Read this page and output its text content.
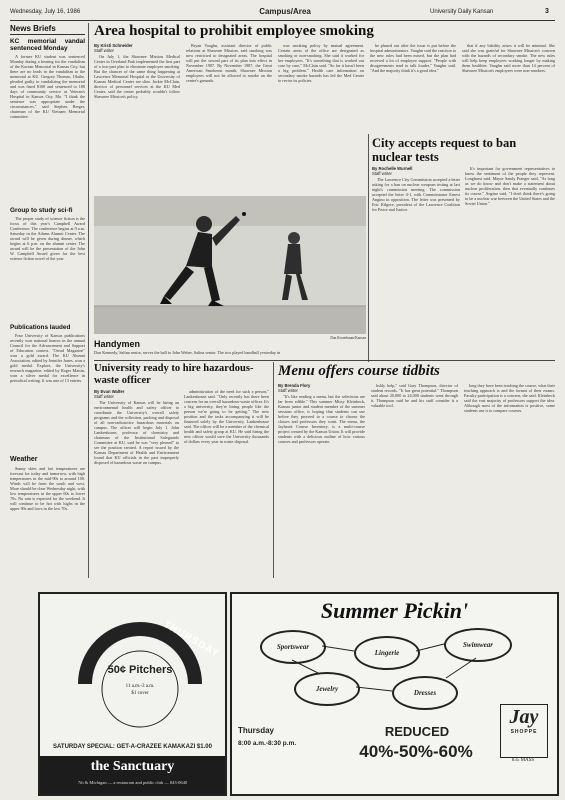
Wednesday, July 16, 1986	Campus/Area	University Daily Kansan	3
News Briefs
KC memorial vandal sentenced Monday

A former KU student was sentenced Monday during a hearing for the vandalism of the Korean Memorial in Kansas City, but there are no leads in the vandalism to the memorial at KU. Gregory Thomas, Olathe, pleaded guilty to vandalizing the memorial and was fined $100 and sentenced to 180 days of community service at Veteran's Hospital in Kansas City, Mo. "I think the sentence was appropriate under the circumstances," said Stephen Berger, chairman of the KU Vietnam Memorial committee.

Group to study sci-fi

The proper study of science fiction is the focus of this year's Campbell Award Conference. The conference begins at 9 a.m. Saturday in the Adams Alumni Center. The award will be given during dinner, which begins at 6 p.m. on the alumni center. The award will be the presentation of the John W. Campbell Award given for the best science fiction novel of the year.

Publications lauded

Four University of Kansas publications recently won national honors in the annual Council for the Advancement and Support of Education contest. "Oread Magazine" won a gold award. The KU Alumni Association, edited by Jennifer Jones, won a gold medal. Explore, the University's research magazine, edited by Roger Martin, won a silver medal for excellence in periodical writing. It was one of 13 entries.

Weather

Sunny skies and hot temperatures are forecast for today and tomorrow, with high temperatures in the mid-90s to around 100. Winds will be from the south and west. More should be clear Wednesday night, with low temperatures in the upper 60s to lower 70s. No rain is expected for the weekend. It will continue to be hot with highs in the upper 90s and lows in the low 70s.

Area hospital to prohibit employee smoking
By Kristi Schneider
Staff writer

On July 1, the Shawnee Mission Medical Center in Overland Park implemented the first part of a two-part plan to eliminate employee smoking. But the chances of the same thing happening at Lawrence Memorial Hospital or the University of Kansas Medical Center are slim. Jackie McClain, director of personnel services at the KU Med Center, said the center probably wouldn't follow Shawnee Mission's policy.

Bryan Vaughn, assistant director of public relations at Shawnee Mission, said smoking was now restricted to designated areas. The hospital will put the second part of its plan into effect in November 1987. By November 1987, the Great American Smokeout month, Shawnee Mission employees will not be allowed to smoke on the center's grounds.

was smoking policy by mutual agreement. Certain areas of the office are designated as smoking or non-smoking. She said it worked for her employees. "It's something that is worked out case by case," McClain said. "So far it hasn't been a big problem." Health care information on secondary smoke hazards has led the Med Center to revise its policies.

be phased out after the issue is put before the hospital administrators. Vaughn said the reaction to the new rules had been mixed, but the plan had received a lot of employee support. "People with disagreements tend to talk louder," Vaughn said. "And the majority think it's a good idea."

that if any liability arises it will be minimal. She said she was grateful for Shawnee Mission's concern with the hazards of secondary smoke. The new rules will help keep employees working longer by making them healthier. Vaughn said more than 14 percent of Shawnee Mission's employees were non-smokers.

Dan Rosenbaum/Kansan
Handymen
Don Kennedy, Salina senior, serves the ball to John Weber, Salina senior. The two played handball yesterday in
City accepts request to ban nuclear tests
By Rochelle Wurnell
Staff writer

The Lawrence City Commission accepted a letter asking for a ban on nuclear weapons testing at last night's commission meeting. The commission accepted the letter 4-1, with Commissioner Ernest Angino in opposition. The letter was presented by Eric Kilgore, president of the Lawrence Coalition for Peace and Justice.

It's important for government representatives to know the sentiment of the people they represent. Longhurst said. Mayor Sandy Praeger said, "As long as we do know and don't make a statement about nuclear proliferation, then that eventually continues its course." Angino said, "I don't think there's going to be a nuclear war between the United States and the Soviet Union."

University ready to hire hazardous-waste officer
By Evan Walter
Staff writer

The University of Kansas will be hiring an environmental health and safety officer to coordinate the University's overall safety programs and the collection, packing and disposal of all non-radioactive hazardous materials on campus. The officer will begin July 1. John Lankenhouse, professor of chemistry and chairman of the Institutional Safeguards Committee at KU, said he was "very pleased" to see the position created. A report issued by the Kansas Department of Health and Environment found that KU officials in the past improperly disposed of hazardous waste on campus.

administration of the need for such a person," Lankenhouse said. "Only recently has there been concern for an overall hazardous-waste officer. It's a big university, they're hiring people like the person we're going to be getting." The new position and the tasks accompanying it will be financed solely by the University, Lankenhouse said. The officer will be a member of the chemical health and safety group at KU. He said hiring the new officer would save the University thousands of dollars every year in waste disposal.

Menu offers course tidbits
By Brenda Flory
Staff writer

"It's like reading a menu, but the selections are far from edible." This summer Missy Kleinbeck, Kansas junior and student member of the summer sessions office, is hoping that students can use before they proceed to a course to choose the classes and professors they want. The menu, the Jayhawk Course Inventory, is a multi-course project created by the Kansas Union. It will provide students with a delicious outline of how various courses and professors operate.

hshly help," said Gary Thompson, director of student records. "It has great potential." Thompson said about 20,000 to 24,000 students went through it. Thompson said he and his staff consider it a valuable tool.

long they have been teaching the course, what their teaching approach is and the format of their exams. Faculty participation is a concern, she said. Kleinbeck said the vast majority of professors support the idea. Although most of the information is positive, some students use it to compare courses.

THURSDAY
50¢ Pitchers
11 a.m.-3 a.m.
$1 cover
SATURDAY SPECIAL: GET-A-CRAZEE KAMAKAZI $1.00
the Sanctuary
7th & Michigan — a restaurant and public club — 843-0640
Summer Pickin'
Sportswear
Lingerie
Swimwear
Jewelry	Dresses
Jay
SHOPPE
835 MASS
Thursday
8:00 a.m.-8:30 p.m.
REDUCED
40%-50%-60%
